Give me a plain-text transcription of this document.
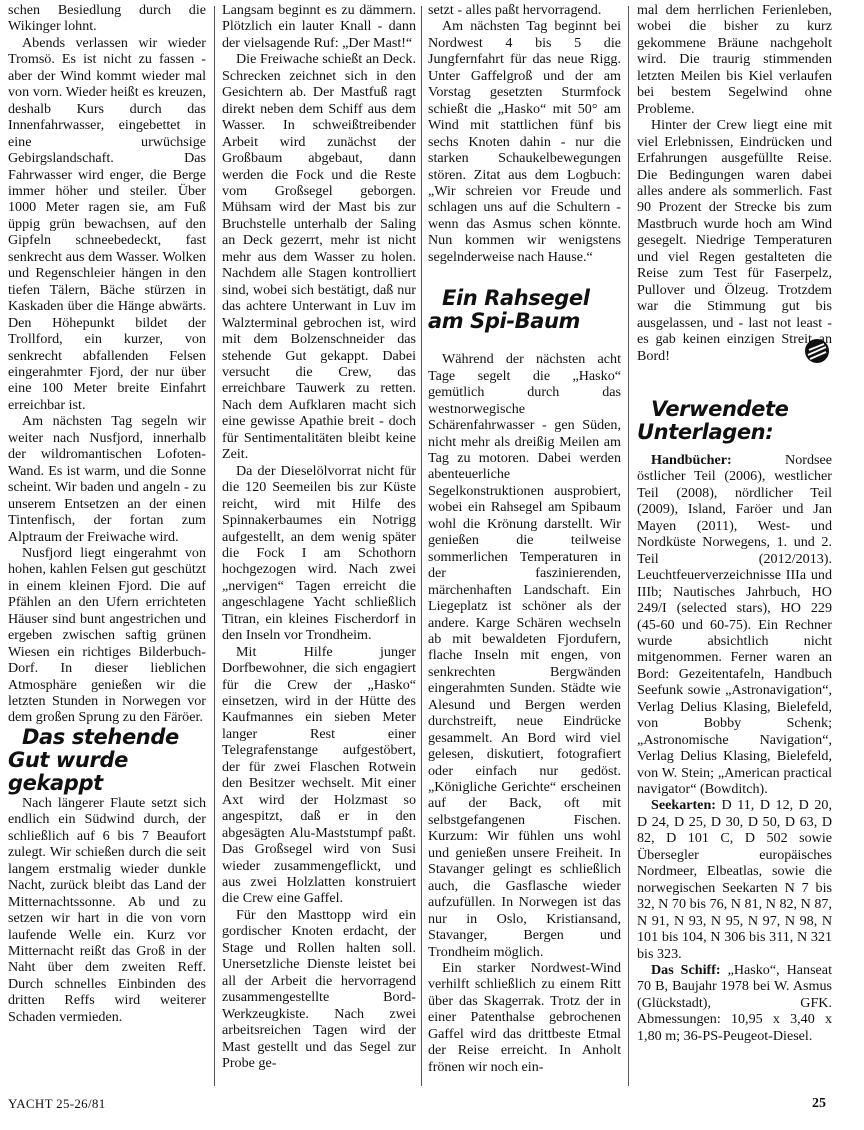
schen Besiedlung durch die Wikinger lohnt.

Abends verlassen wir wieder Tromsö. Es ist nicht zu fassen - aber der Wind kommt wieder mal von vorn. Wieder heißt es kreuzen, deshalb Kurs durch das Innenfahrwasser, eingebettet in eine urwüchsige Gebirgslandschaft. Das Fahrwasser wird enger, die Berge immer höher und steiler. Über 1000 Meter ragen sie, am Fuß üppig grün bewachsen, auf den Gipfeln schneebedeckt, fast senkrecht aus dem Wasser. Wolken und Regenschleier hängen in den tiefen Tälern, Bäche stürzen in Kaskaden über die Hänge abwärts. Den Höhepunkt bildet der Trollford, ein kurzer, von senkrecht abfallenden Felsen eingerahmter Fjord, der nur über eine 100 Meter breite Einfahrt erreichbar ist.

Am nächsten Tag segeln wir weiter nach Nusfjord, innerhalb der wildromantischen Lofoten-Wand. Es ist warm, und die Sonne scheint. Wir baden und angeln - zu unserem Entsetzen an der einen Tintenfisch, der fortan zum Alptraum der Freiwache wird.

Nusfjord liegt eingerahmt von hohen, kahlen Felsen gut geschützt in einem kleinen Fjord. Die auf Pfählen an den Ufern errichteten Häuser sind bunt angestrichen und ergeben zwischen saftig grünen Wiesen ein richtiges Bilderbuch-Dorf. In dieser lieblichen Atmosphäre genießen wir die letzten Stunden in Norwegen vor dem großen Sprung zu den Färöer.

Das stehende Gut wurde gekappt

Nach längerer Flaute setzt sich endlich ein Südwind durch, der schließlich auf 6 bis 7 Beaufort zulegt. Wir schießen durch die seit langem erstmalig wieder dunkle Nacht, zurück bleibt das Land der Mitternachtssonne. Ab und zu setzen wir hart in die von vorn laufende Welle ein. Kurz vor Mitternacht reißt das Groß in der Naht über dem zweiten Reff. Durch schnelles Einbinden des dritten Reffs wird weiterer Schaden vermieden.

Langsam beginnt es zu dämmern. Plötzlich ein lauter Knall - dann der vielsagende Ruf: „Der Mast!“

Die Freiwache schießt an Deck. Schrecken zeichnet sich in den Gesichtern ab. Der Mastfuß ragt direkt neben dem Schiff aus dem Wasser. In schweißtreibender Arbeit wird zunächst der Großbaum abgebaut, dann werden die Fock und die Reste vom Großsegel geborgen. Mühsam wird der Mast bis zur Bruchstelle unterhalb der Saling an Deck gezerrt, mehr ist nicht mehr aus dem Wasser zu holen. Nachdem alle Stagen kontrolliert sind, wobei sich bestätigt, daß nur das achtere Unterwant in Luv im Walzterminal gebrochen ist, wird mit dem Bolzenschneider das stehende Gut gekappt. Dabei versucht die Crew, das erreichbare Tauwerk zu retten. Nach dem Aufklaren macht sich eine gewisse Apathie breit - doch für Sentimentalitäten bleibt keine Zeit.

Da der Dieselölvorrat nicht für die 120 Seemeilen bis zur Küste reicht, wird mit Hilfe des Spinnakerbaumes ein Notrigg aufgestellt, an dem wenig später die Fock I am Schothorn hochgezogen wird. Nach zwei „nervigen“ Tagen erreicht die angeschlagene Yacht schließlich Titran, ein kleines Fischerdorf in den Inseln vor Trondheim.

Mit Hilfe junger Dorfbewohner, die sich engagiert für die Crew der „Hasko“ einsetzen, wird in der Hütte des Kaufmannes ein sieben Meter langer Rest einer Telegrafenstange aufgestöbert, der für zwei Flaschen Rotwein den Besitzer wechselt. Mit einer Axt wird der Holzmast so angespitzt, daß er in den abgesägten Alu-Maststumpf paßt. Das Großsegel wird von Susi wieder zusammengeflickt, und aus zwei Holzlatten konstruiert die Crew eine Gaffel.

Für den Masttopp wird ein gordischer Knoten erdacht, der Stage und Rollen halten soll. Unersetzliche Dienste leistet bei all der Arbeit die hervorragend zusammengestellte Bord-Werkzeugkiste. Nach zwei arbeitsreichen Tagen wird der Mast gestellt und das Segel zur Probe ge-

setzt - alles paßt hervorragend.

Am nächsten Tag beginnt bei Nordwest 4 bis 5 die Jungfernfahrt für das neue Rigg. Unter Gaffelgroß und der am Vorstag gesetzten Sturmfock schießt die „Hasko“ mit 50° am Wind mit stattlichen fünf bis sechs Knoten dahin - nur die starken Schaukelbewegungen stören. Zitat aus dem Logbuch: „Wir schreien vor Freude und schlagen uns auf die Schultern - wenn das Asmus schen könnte. Nun kommen wir wenigstens segelnderweise nach Hause.“

Ein Rahsegel am Spi-Baum

Während der nächsten acht Tage segelt die „Hasko“ gemütlich durch das westnorwegische Schärenfahrwasser - gen Süden, nicht mehr als dreißig Meilen am Tag zu motoren. Dabei werden abenteuerliche Segelkonstruktionen ausprobiert, wobei ein Rahsegel am Spibaum wohl die Krönung darstellt. Wir genießen die teilweise sommerlichen Temperaturen in der faszinierenden, märchenhaften Landschaft. Ein Liegeplatz ist schöner als der andere. Karge Schären wechseln ab mit bewaldeten Fjordufern, flache Inseln mit engen, von senkrechten Bergwänden eingerahmten Sunden. Städte wie Alesund und Bergen werden durchstreift, neue Eindrücke gesammelt. An Bord wird viel gelesen, diskutiert, fotografiert oder einfach nur gedöst. „Königliche Gerichte“ erscheinen auf der Back, oft mit selbstgefangenen Fischen. Kurzum: Wir fühlen uns wohl und genießen unsere Freiheit. In Stavanger gelingt es schließlich auch, die Gasflasche wieder aufzufüllen. In Norwegen ist das nur in Oslo, Kristiansand, Stavanger, Bergen und Trondheim möglich.

Ein starker Nordwest-Wind verhilft schließlich zu einem Ritt über das Skagerrak. Trotz der in einer Patenthalse gebrochenen Gaffel wird das drittbeste Etmal der Reise erreicht. In Anholt frönen wir noch ein-

mal dem herrlichen Ferienleben, wobei die bisher zu kurz gekommene Bräune nachgeholt wird. Die traurig stimmenden letzten Meilen bis Kiel verlaufen bei bestem Segelwind ohne Probleme.

Hinter der Crew liegt eine mit viel Erlebnissen, Eindrücken und Erfahrungen ausgefüllte Reise. Die Bedingungen waren dabei alles andere als sommerlich. Fast 90 Prozent der Strecke bis zum Mastbruch wurde hoch am Wind gesegelt. Niedrige Temperaturen und viel Regen gestalteten die Reise zum Test für Faserpelz, Pullover und Ölzeug. Trotzdem war die Stimmung gut bis ausgelassen, und - last not least - es gab keinen einzigen Streit an Bord!

Verwendete Unterlagen:

Handbücher: Nordsee östlicher Teil (2006), westlicher Teil (2008), nördlicher Teil (2009), Island, Faröer und Jan Mayen (2011), West- und Nordküste Norwegens, 1. und 2. Teil (2012/2013). Leuchtfeuerverzeichnisse IIIa und IIIb; Nautisches Jahrbuch, HO 249/I (selected stars), HO 229 (45-60 und 60-75). Ein Rechner wurde absichtlich nicht mitgenommen. Ferner waren an Bord: Gezeitentafeln, Handbuch Seefunk sowie „Astronavigation“, Verlag Delius Klasing, Bielefeld, von Bobby Schenk; „Astronomische Navigation“, Verlag Delius Klasing, Bielefeld, von W. Stein; „American practical navigator“ (Bowditch).

Seekarten: D 11, D 12, D 20, D 24, D 25, D 30, D 50, D 63, D 82, D 101 C, D 502 sowie Übersegler europäisches Nordmeer, Elbeatlas, sowie die norwegischen Seekarten N 7 bis 32, N 70 bis 76, N 81, N 82, N 87, N 91, N 93, N 95, N 97, N 98, N 101 bis 104, N 306 bis 311, N 321 bis 323.

Das Schiff: „Hasko“, Hanseat 70 B, Baujahr 1978 bei W. Asmus (Glückstadt), GFK. Abmessungen: 10,95 x 3,40 x 1,80 m; 36-PS-Peugeot-Diesel.

YACHT 25-26/81	25
